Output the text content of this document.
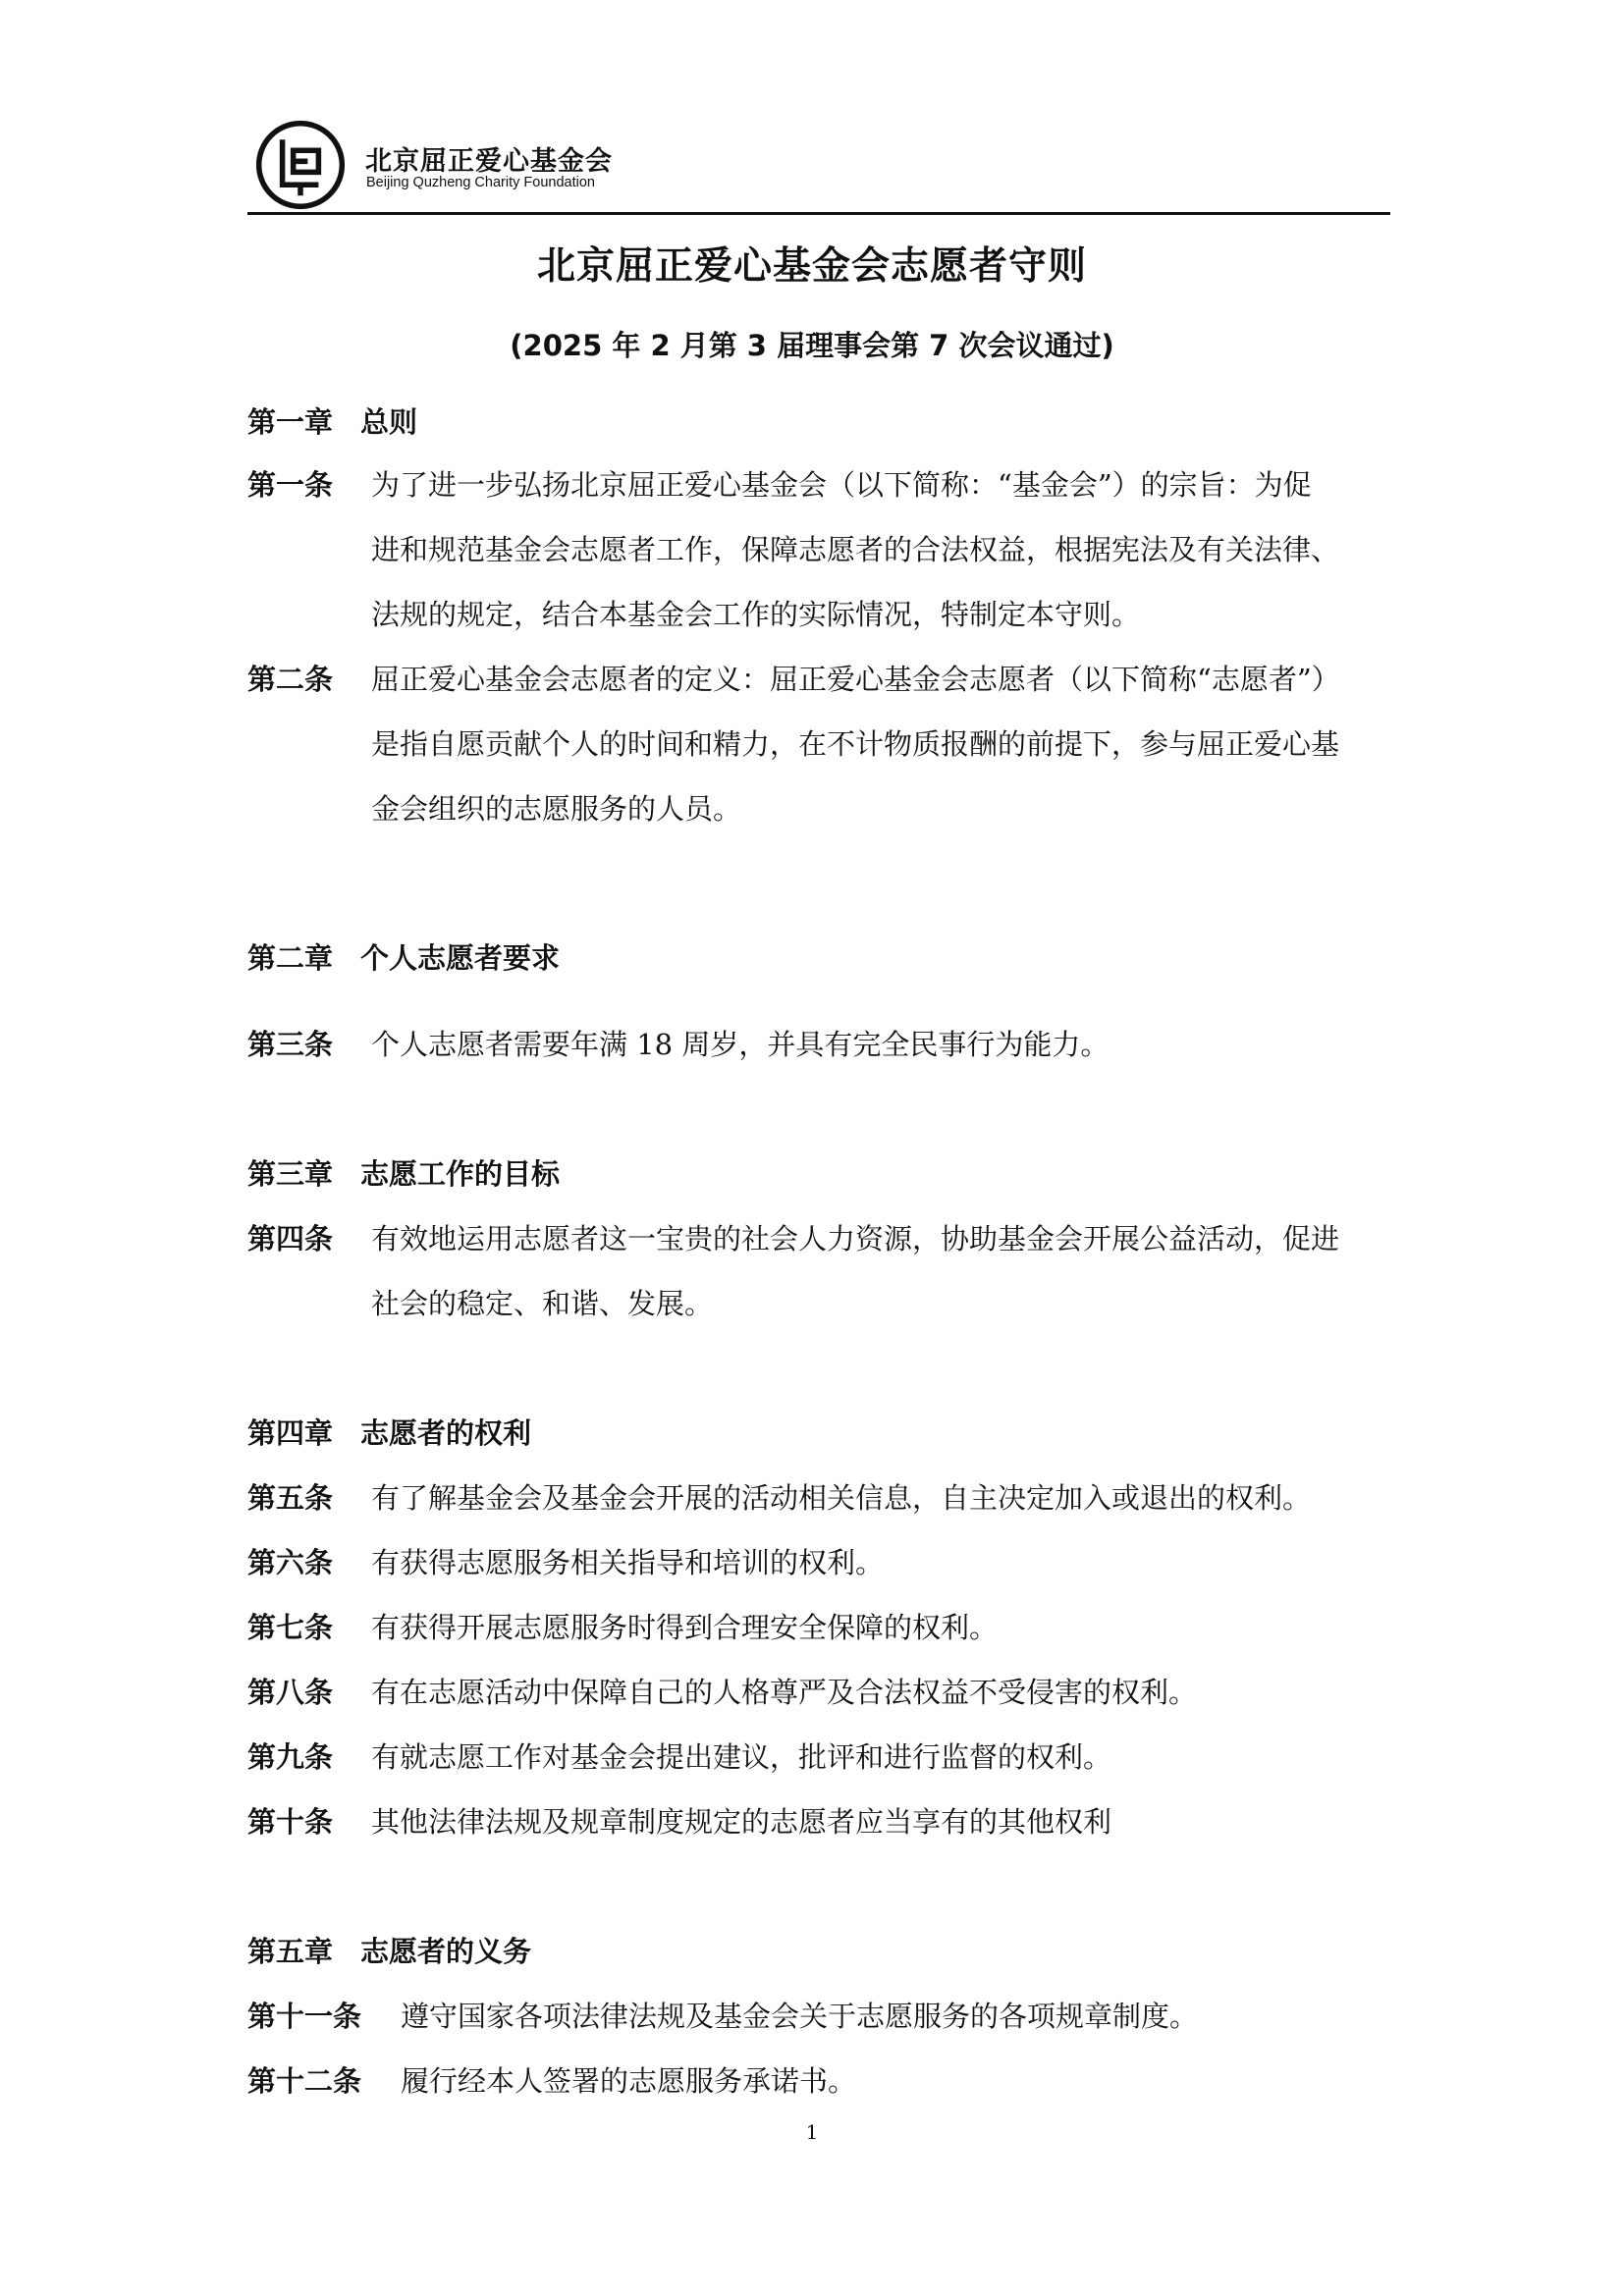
北京屈正爱心基金会
Beijing Quzheng Charity Foundation
北京屈正爱心基金会志愿者守则
(2025 年 2 月第 3 届理事会第 7 次会议通过)
第一章 总则
第一条 为了进一步弘扬北京屈正爱心基金会（以下简称：“基金会”）的宗旨：为促
进和规范基金会志愿者工作，保障志愿者的合法权益，根据宪法及有关法律、
法规的规定，结合本基金会工作的实际情况，特制定本守则。
第二条 屈正爱心基金会志愿者的定义：屈正爱心基金会志愿者（以下简称“志愿者”）
是指自愿贡献个人的时间和精力，在不计物质报酬的前提下，参与屈正爱心基
金会组织的志愿服务的人员。
第二章 个人志愿者要求
第三条 个人志愿者需要年满 18 周岁，并具有完全民事行为能力。
第三章 志愿工作的目标
第四条 有效地运用志愿者这一宝贵的社会人力资源，协助基金会开展公益活动，促进
社会的稳定、和谐、发展。
第四章 志愿者的权利
第五条 有了解基金会及基金会开展的活动相关信息，自主决定加入或退出的权利。
第六条 有获得志愿服务相关指导和培训的权利。
第七条 有获得开展志愿服务时得到合理安全保障的权利。
第八条 有在志愿活动中保障自己的人格尊严及合法权益不受侵害的权利。
第九条 有就志愿工作对基金会提出建议，批评和进行监督的权利。
第十条 其他法律法规及规章制度规定的志愿者应当享有的其他权利
第五章 志愿者的义务
第十一条 遵守国家各项法律法规及基金会关于志愿服务的各项规章制度。
第十二条 履行经本人签署的志愿服务承诺书。
1
